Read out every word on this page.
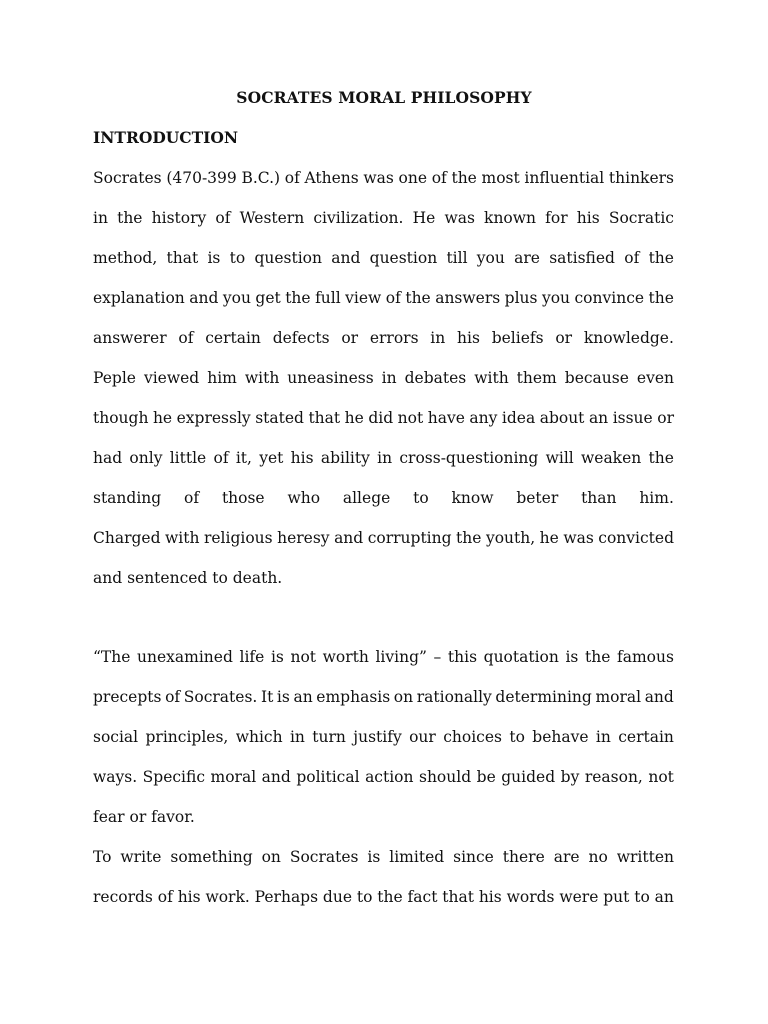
SOCRATES MORAL PHILOSOPHY
INTRODUCTION
Socrates (470-399 B.C.) of Athens was one of the most influential thinkers
in the history of Western civilization. He was known for his Socratic
method, that is to question and question till you are satisfied of the
explanation and you get the full view of the answers plus you convince the
answerer of certain defects or errors in his beliefs or knowledge.
Peple viewed him with uneasiness in debates with them because even
though he expressly stated that he did not have any idea about an issue or
had only little of it, yet his ability in cross-questioning will weaken the
standing of those who allege to know beter than him.
Charged with religious heresy and corrupting the youth, he was convicted
and sentenced to death.
“The unexamined life is not worth living” – this quotation is the famous
precepts of Socrates. It is an emphasis on rationally determining moral and
social principles, which in turn justify our choices to behave in certain
ways. Specific moral and political action should be guided by reason, not
fear or favor.
To write something on Socrates is limited since there are no written
records of his work. Perhaps due to the fact that his words were put to an
